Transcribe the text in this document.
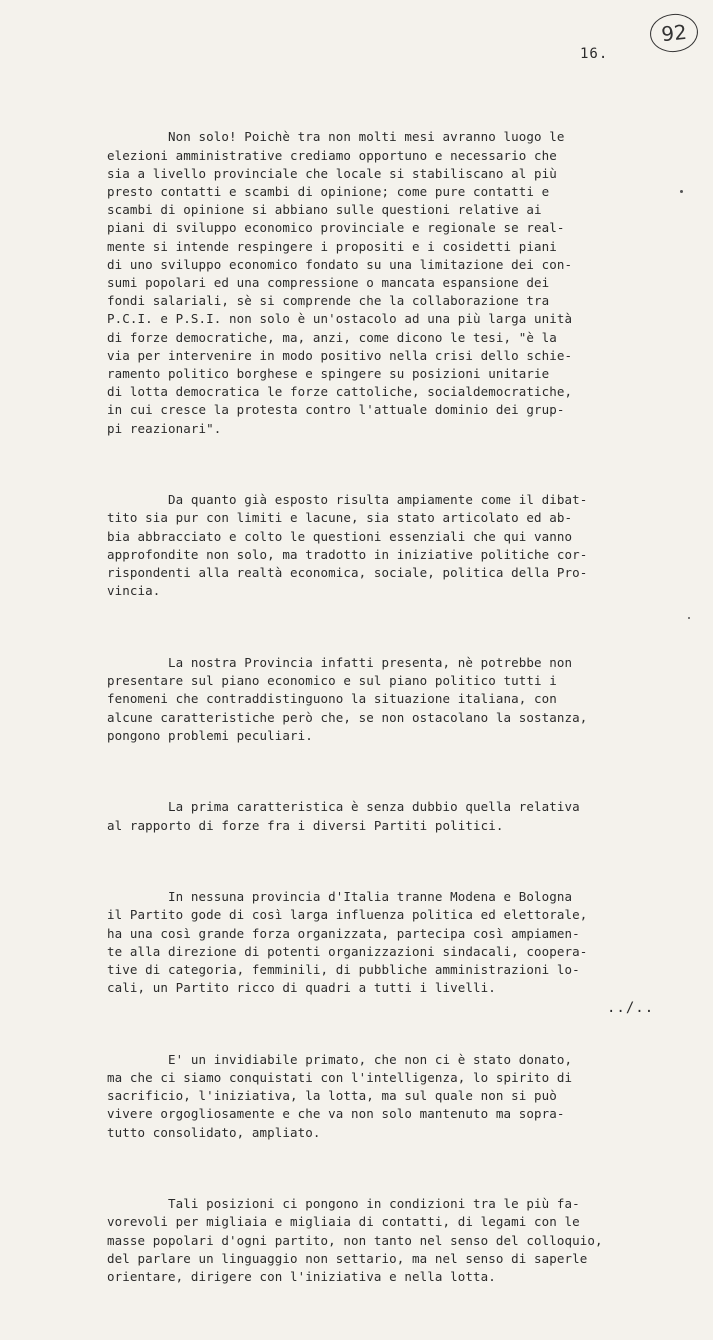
92
16.

Non solo! Poichè tra non molti mesi avranno luogo le
elezioni amministrative crediamo opportuno e necessario che
sia a livello provinciale che locale si stabiliscano al più
presto contatti e scambi di opinione; come pure contatti e
scambi di opinione si abbiano sulle questioni relative ai
piani di sviluppo economico provinciale e regionale se real-
mente si intende respingere i propositi e i cosidetti piani
di uno sviluppo economico fondato su una limitazione dei con-
sumi popolari ed una compressione o mancata espansione dei
fondi salariali, sè si comprende che la collaborazione tra
P.C.I. e P.S.I. non solo è un'ostacolo ad una più larga unità
di forze democratiche, ma, anzi, come dicono le tesi, "è la
via per intervenire in modo positivo nella crisi dello schie-
ramento politico borghese e spingere su posizioni unitarie
di lotta democratica le forze cattoliche, socialdemocratiche,
in cui cresce la protesta contro l'attuale dominio dei grup-
pi reazionari".

Da quanto già esposto risulta ampiamente come il dibat-
tito sia pur con limiti e lacune, sia stato articolato ed ab-
bia abbracciato e colto le questioni essenziali che qui vanno
approfondite non solo, ma tradotto in iniziative politiche cor-
rispondenti alla realtà economica, sociale, politica della Pro-
vincia.

La nostra Provincia infatti presenta, nè potrebbe non
presentare sul piano economico e sul piano politico tutti i
fenomeni che contraddistinguono la situazione italiana, con
alcune caratteristiche però che, se non ostacolano la sostanza,
pongono problemi peculiari.

La prima caratteristica è senza dubbio quella relativa
al rapporto di forze fra i diversi Partiti politici.

In nessuna provincia d'Italia tranne Modena e Bologna
il Partito gode di così larga influenza politica ed elettorale,
ha una così grande forza organizzata, partecipa così ampiamen-
te alla direzione di potenti organizzazioni sindacali, coopera-
tive di categoria, femminili, di pubbliche amministrazioni lo-
cali, un Partito ricco di quadri a tutti i livelli.

E' un invidiabile primato, che non ci è stato donato,
ma che ci siamo conquistati con l'intelligenza, lo spirito di
sacrificio, l'iniziativa, la lotta, ma sul quale non si può
vivere orgogliosamente e che va non solo mantenuto ma sopra-
tutto consolidato, ampliato.

Tali posizioni ci pongono in condizioni tra le più fa-
vorevoli per migliaia e migliaia di contatti, di legami con le
masse popolari d'ogni partito, non tanto nel senso del colloquio,
del parlare un linguaggio non settario, ma nel senso di saperle
orientare, dirigere con l'iniziativa e nella lotta.

../..
